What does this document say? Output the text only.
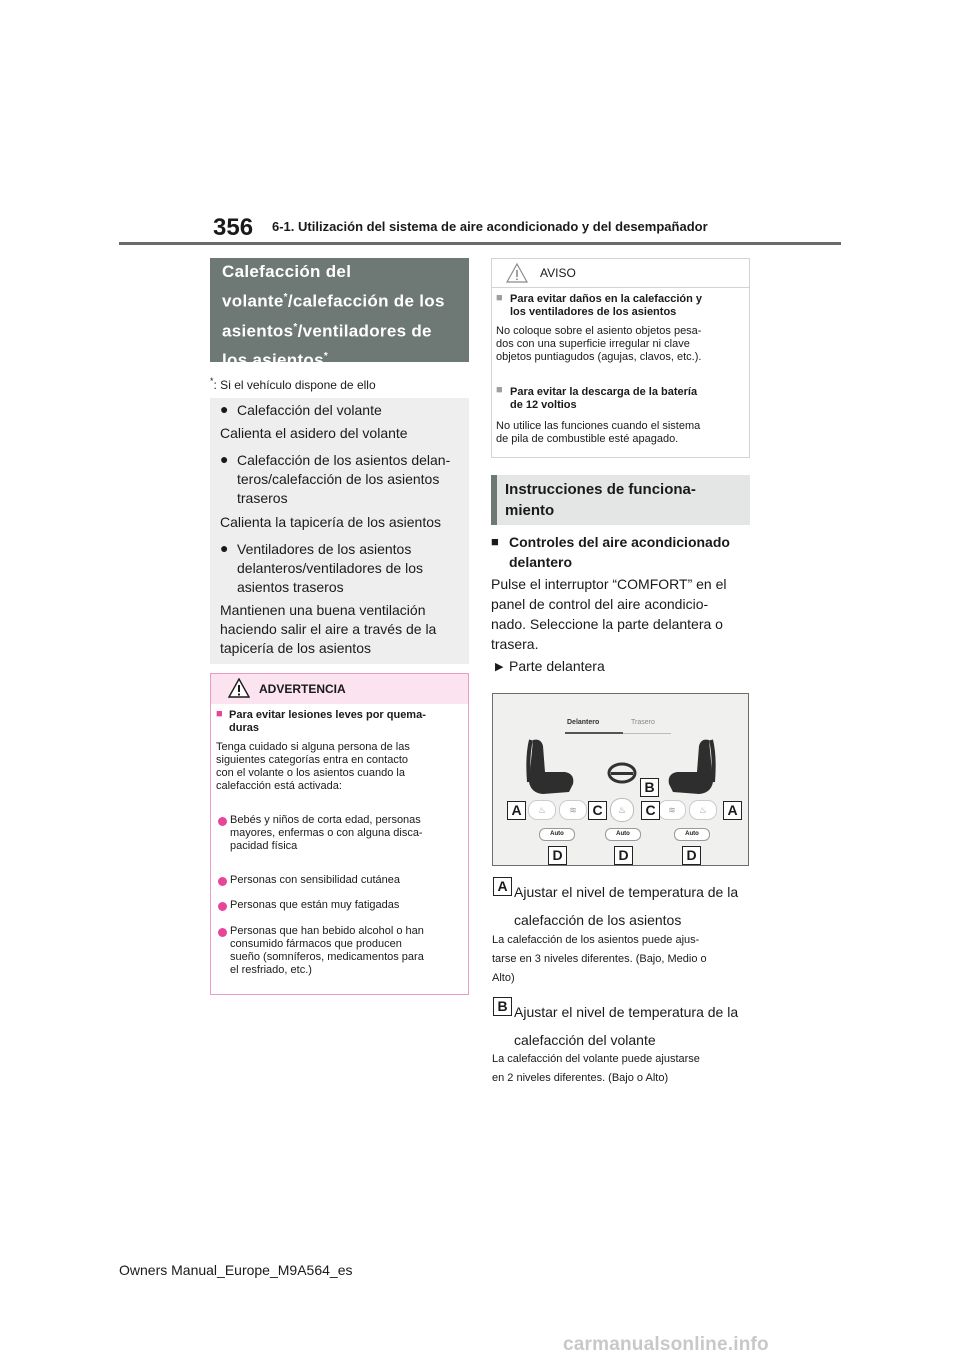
356 6-1. Utilización del sistema de aire acondicionado y del desempañador
Calefacción del
volante*/calefacción de los
asientos*/ventiladores de
los asientos*
*: Si el vehículo dispone de ello
● Calefacción del volante
Calienta el asidero del volante
● Calefacción de los asientos delan-
teros/calefacción de los asientos
traseros
Calienta la tapicería de los asientos
● Ventiladores de los asientos
delanteros/ventiladores de los
asientos traseros
Mantienen una buena ventilación
haciendo salir el aire a través de la
tapicería de los asientos
ADVERTENCIA
■ Para evitar lesiones leves por quema-
duras
Tenga cuidado si alguna persona de las
siguientes categorías entra en contacto
con el volante o los asientos cuando la
calefacción está activada:
Bebés y niños de corta edad, personas
mayores, enfermas o con alguna disca-
pacidad física
Personas con sensibilidad cutánea
Personas que están muy fatigadas
Personas que han bebido alcohol o han
consumido fármacos que producen
sueño (somníferos, medicamentos para
el resfriado, etc.)
AVISO
■ Para evitar daños en la calefacción y
los ventiladores de los asientos
No coloque sobre el asiento objetos pesa-
dos con una superficie irregular ni clave
objetos puntiagudos (agujas, clavos, etc.).
■ Para evitar la descarga de la batería
de 12 voltios
No utilice las funciones cuando el sistema
de pila de combustible esté apagado.
Instrucciones de funciona-
miento
■ Controles del aire acondicionado
delantero
Pulse el interruptor “COMFORT” en el
panel de control del aire acondicio-
nado. Seleccione la parte delantera o
trasera.
▶ Parte delantera
Delantero	Trasero
♨	≋	♨	≋	♨
Auto	Auto	Auto
A	C
B
C	A
D	D	D
A Ajustar el nivel de temperatura de la
calefacción de los asientos
La calefacción de los asientos puede ajus-
tarse en 3 niveles diferentes. (Bajo, Medio o
Alto)
B Ajustar el nivel de temperatura de la
calefacción del volante
La calefacción del volante puede ajustarse
en 2 niveles diferentes. (Bajo o Alto)
Owners Manual_Europe_M9A564_es
carmanualsonline.info
